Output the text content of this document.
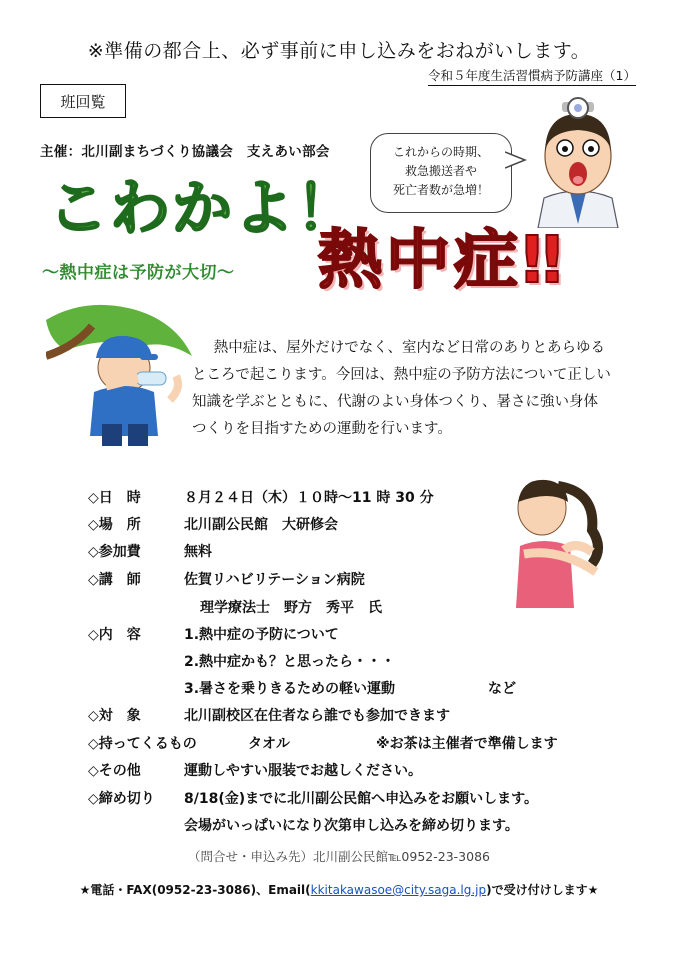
※準備の都合上、必ず事前に申し込みをおねがいします。
令和５年度生活習慣病予防講座（1）
班回覧
主催：北川副まちづくり協議会　支えあい部会	これからの時期、
救急搬送者や
死亡者数が急増！
こわかよ！
～熱中症は予防が大切～ 熱中症‼

熱中症は、屋外だけでなく、室内など日常のありとあらゆるところで起こります。今回は、熱中症の予防方法について正しい知識を学ぶとともに、代謝のよい身体つくり、暑さに強い身体つくりを目指すための運動を行います。

◇日　時	８月２４日（木）１０時～11 時 30 分
◇場　所	北川副公民館　大研修会
◇参加費	無料
◇講　師	佐賀リハビリテーション病院
理学療法士　野方　秀平　氏
◇内　容	1.熱中症の予防について
2.熱中症かも？と思ったら・・・
3.暑さを乗りきるための軽い運動	など
◇対　象	北川副校区在住者なら誰でも参加できます
◇持ってくるもの	タオル	※お茶は主催者で準備します
◇その他	運動しやすい服装でお越しください。
◇締め切り 8/18(金)までに北川副公民館へ申込みをお願いします。
会場がいっぱいになり次第申し込みを締め切ります。
（問合せ・申込み先）北川副公民館℡0952-23-3086
★電話・FAX(0952-23-3086)、Email(kkitakawasoe@city.saga.lg.jp)で受け付けします★
